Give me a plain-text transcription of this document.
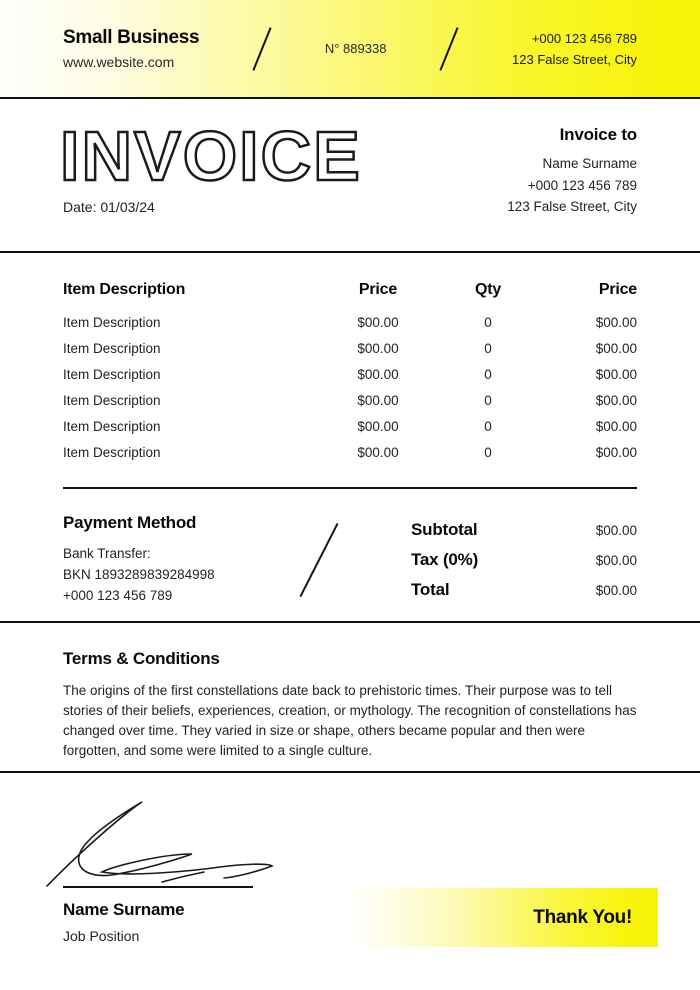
Small Business
www.website.com
N° 889338
+000 123 456 789
123 False Street, City
INVOICE
Date: 01/03/24
Invoice to
Name Surname
+000 123 456 789
123 False Street, City
Item Description	Price	Qty	Price
Item Description	$00.00	0	$00.00
Item Description	$00.00	0	$00.00
Item Description	$00.00	0	$00.00
Item Description	$00.00	0	$00.00
Item Description	$00.00	0	$00.00
Item Description	$00.00	0	$00.00
Payment Method
Bank Transfer:
BKN 1893289839284998
+000 123 456 789
Subtotal	$00.00
Tax (0%)	$00.00
Total	$00.00
Terms & Conditions
The origins of the first constellations date back to prehistoric times. Their purpose was to tell stories of their beliefs, experiences, creation, or mythology. The recognition of constellations has changed over time. They varied in size or shape, others became popular and then were forgotten, and some were limited to a single culture.
Name Surname
Job Position
Thank You!
